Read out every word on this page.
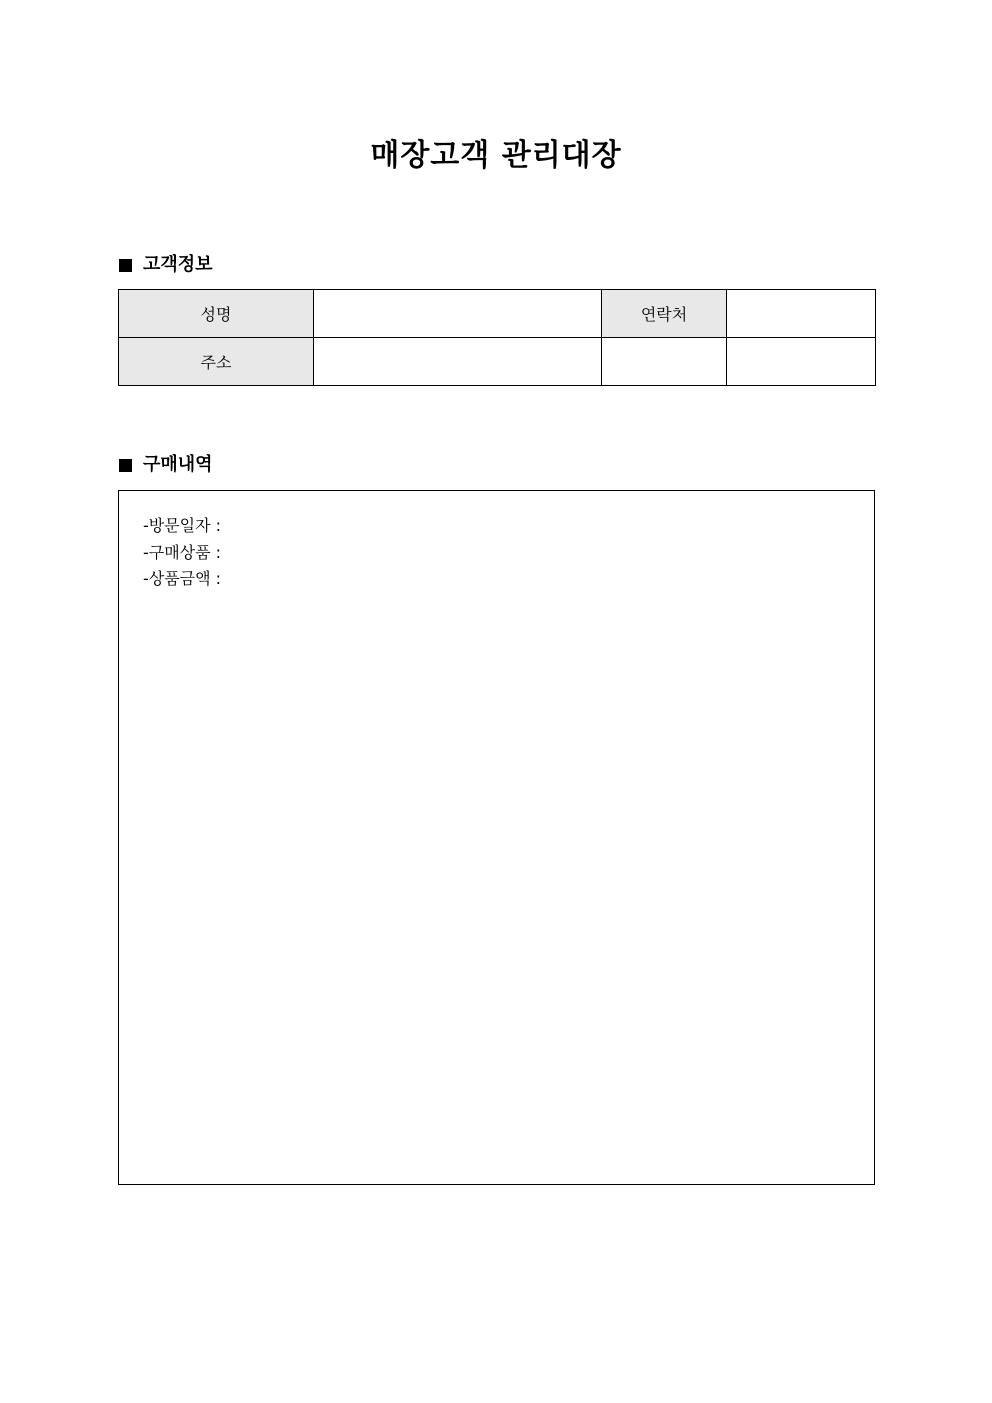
매장고객 관리대장
고객정보
성명		연락처	
주소			
구매내역
-방문일자 :
-구매상품 :
-상품금액 :
